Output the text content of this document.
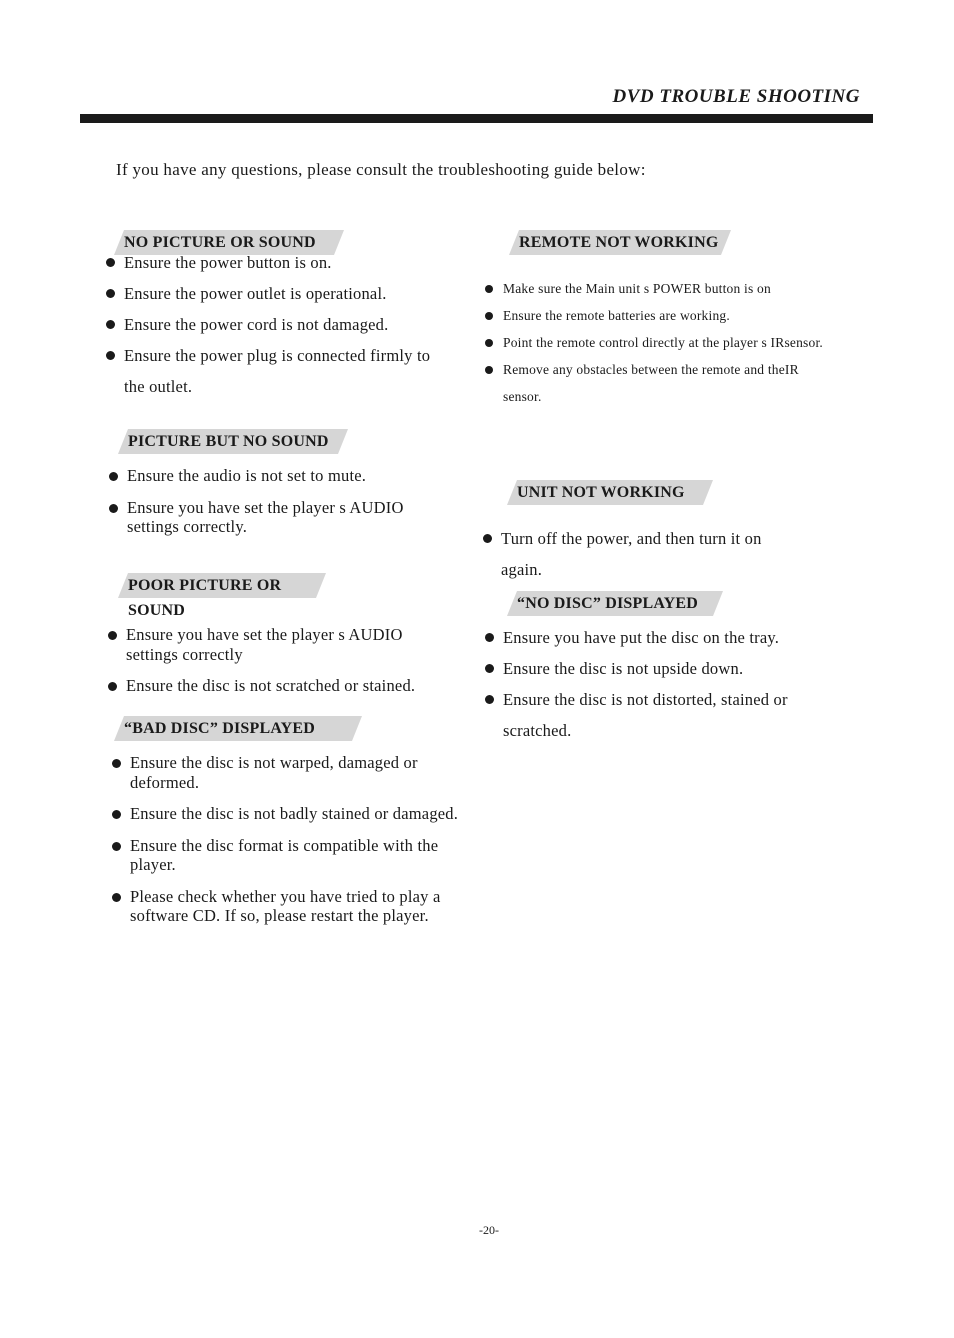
DVD TROUBLE SHOOTING
If you have any questions, please consult the troubleshooting guide below:
NO PICTURE OR SOUND
Ensure the power button is on.
Ensure the power outlet is operational.
Ensure the power cord is not damaged.
Ensure the power plug is connected firmly to the outlet.
PICTURE BUT NO SOUND
Ensure the audio is not set to mute.
Ensure you have set the player s AUDIO settings correctly.
POOR PICTURE OR SOUND
Ensure you have set the player s AUDIO settings correctly
Ensure the disc is not scratched or stained.
“BAD DISC” DISPLAYED
Ensure the disc is not warped, damaged or deformed.
Ensure the disc is not badly stained or damaged.
Ensure the disc format is compatible with the player.
Please check whether you have tried to play a software CD. If so, please restart the player.
REMOTE NOT WORKING
Make sure the Main unit s POWER button is on
Ensure the remote batteries are working.
Point the remote control directly at the player s IRsensor.
Remove any obstacles between the remote and theIR sensor.
UNIT NOT WORKING
Turn off the power, and then turn it on again.
“NO DISC” DISPLAYED
Ensure you have put the disc on the tray.
Ensure the disc is not upside down.
Ensure the disc is not distorted, stained or scratched.
-20-
